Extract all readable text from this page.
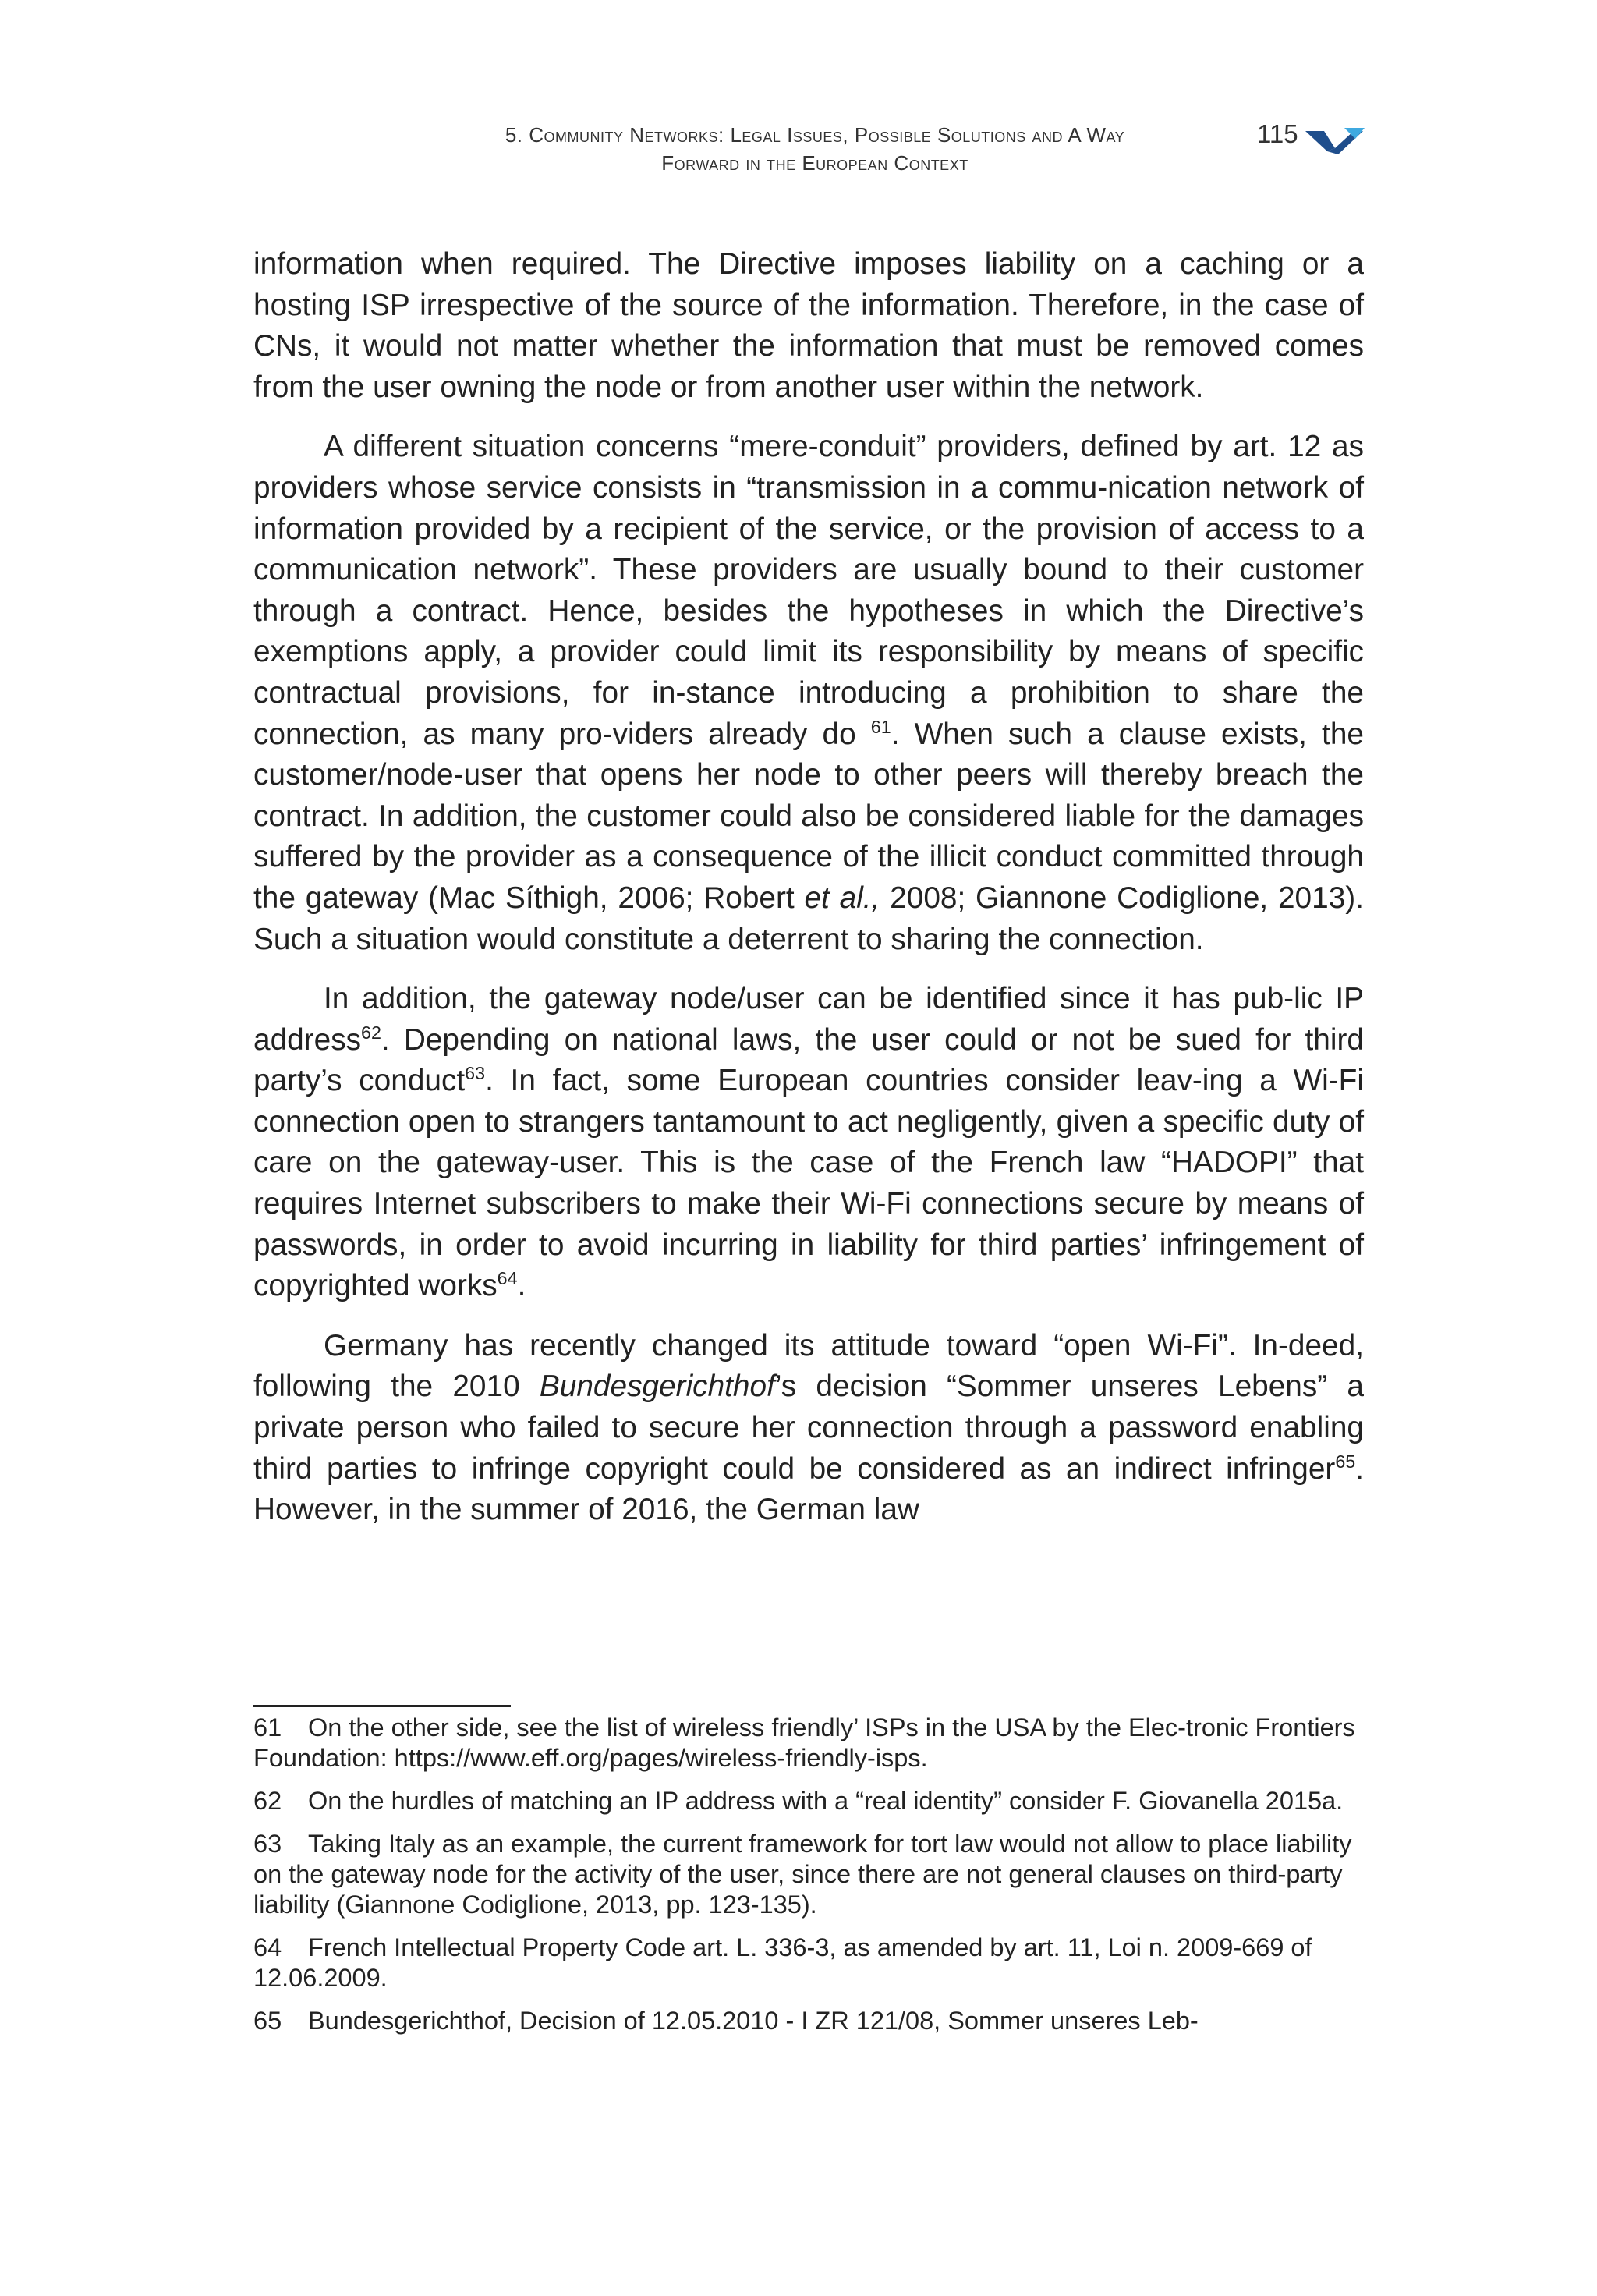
5. Community Networks: Legal Issues, Possible Solutions and A Way
Forward in the European Context
115

information when required. The Directive imposes liability on a caching or a hosting ISP irrespective of the source of the information. Therefore, in the case of CNs, it would not matter whether the information that must be removed comes from the user owning the node or from another user within the network.

A different situation concerns “mere-conduit” providers, defined by art. 12 as providers whose service consists in “transmission in a commu-nication network of information provided by a recipient of the service, or the provision of access to a communication network”. These providers are usually bound to their customer through a contract. Hence, besides the hypotheses in which the Directive’s exemptions apply, a provider could limit its responsibility by means of specific contractual provisions, for in-stance introducing a prohibition to share the connection, as many pro-viders already do $^{61}$. When such a clause exists, the customer/node-user that opens her node to other peers will thereby breach the contract. In addition, the customer could also be considered liable for the damages suffered by the provider as a consequence of the illicit conduct committed through the gateway (Mac Síthigh, 2006; Robert et al., 2008; Giannone Codiglione, 2013). Such a situation would constitute a deterrent to sharing the connection.

In addition, the gateway node/user can be identified since it has pub-lic IP address$^{62}$. Depending on national laws, the user could or not be sued for third party’s conduct$^{63}$. In fact, some European countries consider leav-ing a Wi-Fi connection open to strangers tantamount to act negligently, given a specific duty of care on the gateway-user. This is the case of the French law “HADOPI” that requires Internet subscribers to make their Wi-Fi connections secure by means of passwords, in order to avoid incurring in liability for third parties’ infringement of copyrighted works$^{64}$.

Germany has recently changed its attitude toward “open Wi-Fi”. In-deed, following the 2010 Bundesgerichthof’s decision “Sommer unseres Lebens” a private person who failed to secure her connection through a password enabling third parties to infringe copyright could be considered as an indirect infringer$^{65}$. However, in the summer of 2016, the German law

61 On the other side, see the list of wireless friendly’ ISPs in the USA by the Elec-tronic Frontiers Foundation: https://www.eff.org/pages/wireless-friendly-isps.
62 On the hurdles of matching an IP address with a “real identity” consider F. Giovanella 2015a.
63 Taking Italy as an example, the current framework for tort law would not allow to place liability on the gateway node for the activity of the user, since there are not general clauses on third-party liability (Giannone Codiglione, 2013, pp. 123-135).
64 French Intellectual Property Code art. L. 336-3, as amended by art. 11, Loi n. 2009-669 of 12.06.2009.
65 Bundesgerichthof, Decision of 12.05.2010 - I ZR 121/08, Sommer unseres Leb-
